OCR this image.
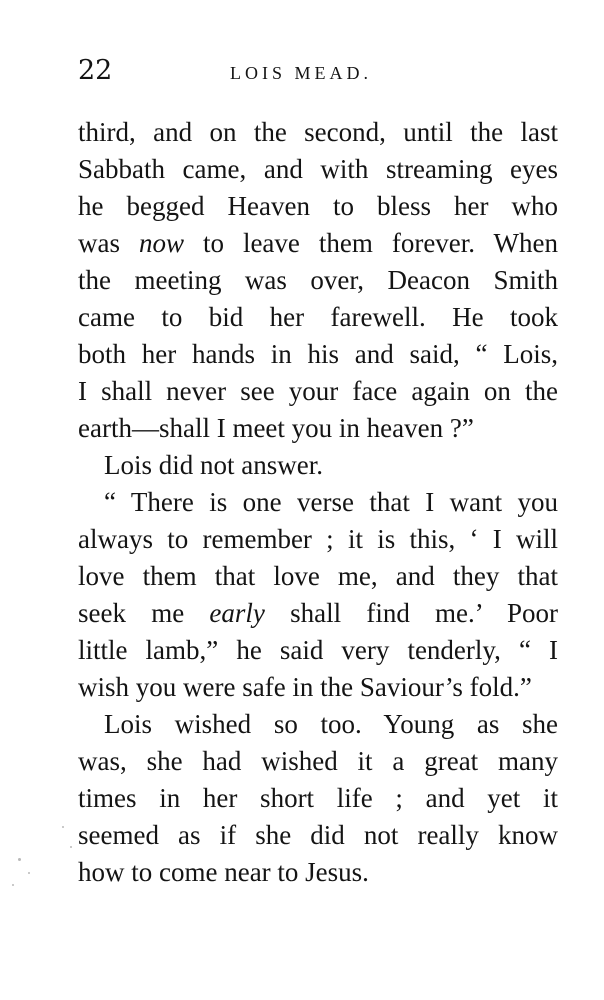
22	LOIS MEAD.
third, and on the second, until the last
Sabbath came, and with streaming eyes
he begged Heaven to bless her who
was now to leave them forever. When
the meeting was over, Deacon Smith
came to bid her farewell. He took
both her hands in his and said, “ Lois,
I shall never see your face again on the
earth—shall I meet you in heaven ?”
Lois did not answer.
“ There is one verse that I want you
always to remember ; it is this, ‘ I will
love them that love me, and they that
seek me early shall find me.’ Poor
little lamb,” he said very tenderly, “ I
wish you were safe in the Saviour’s fold.”
Lois wished so too. Young as she
was, she had wished it a great many
times in her short life ; and yet it
seemed as if she did not really know
how to come near to Jesus.
